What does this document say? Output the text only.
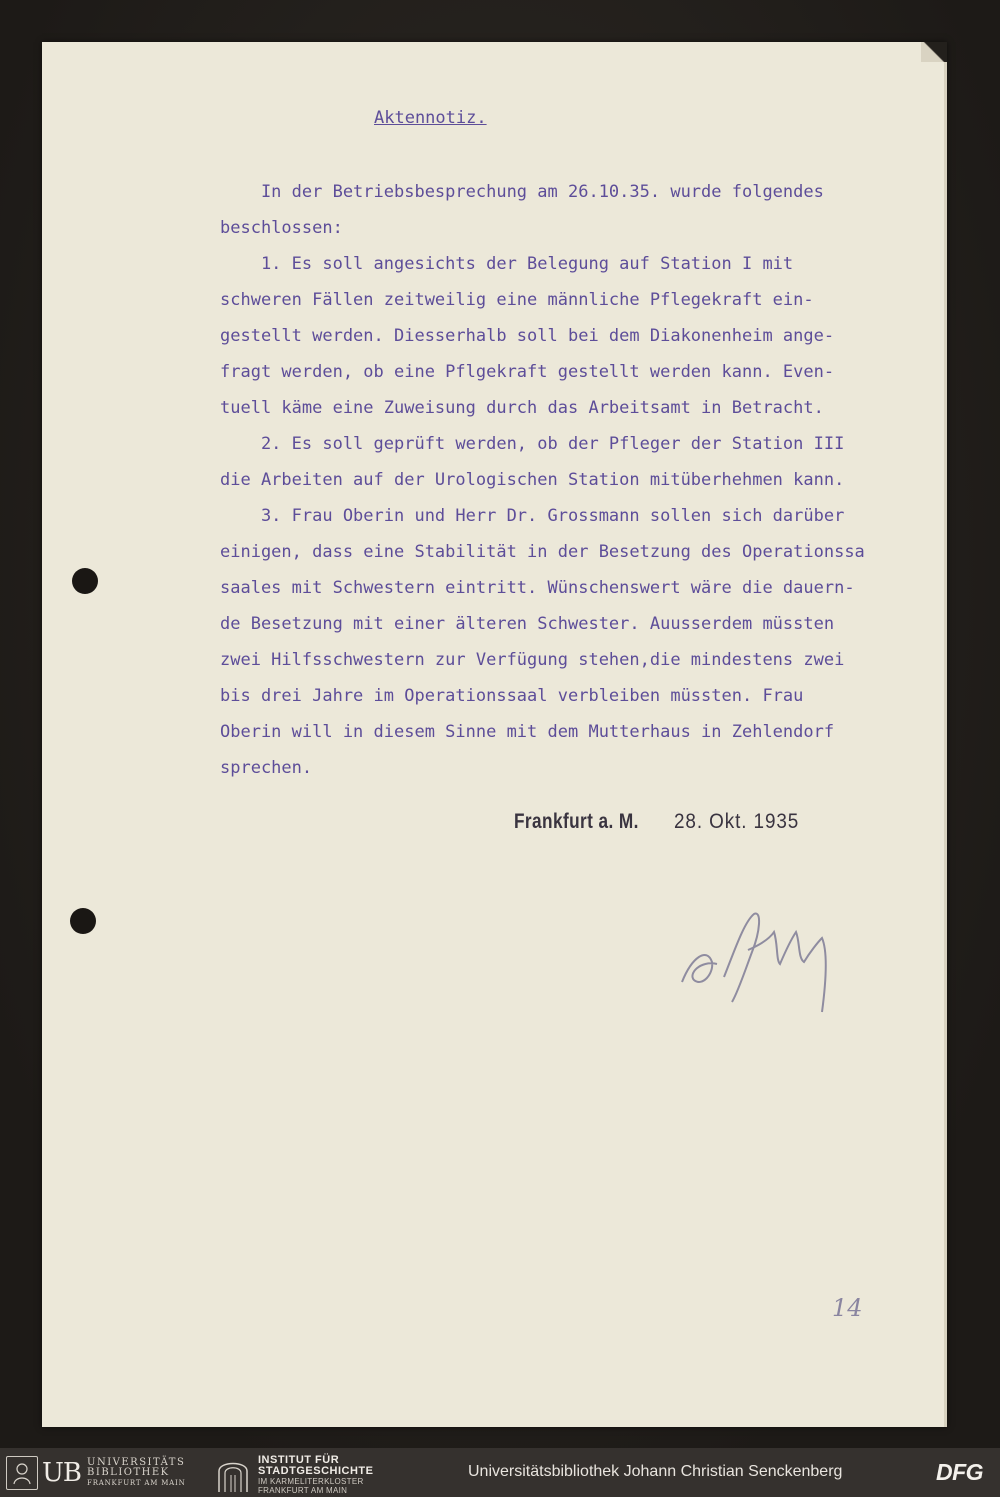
Aktennotiz.
In der Betriebsbesprechung am 26.10.35. wurde folgendes
beschlossen:
1. Es soll angesichts der Belegung auf Station I mit
schweren Fällen zeitweilig eine männliche Pflegekraft ein-
gestellt werden. Diesserhalb soll bei dem Diakonenheim ange-
fragt werden, ob eine Pflgekraft gestellt werden kann. Even-
tuell käme eine Zuweisung durch das Arbeitsamt in Betracht.
2. Es soll geprüft werden, ob der Pfleger der Station III
die Arbeiten auf der Urologischen Station mitüberhehmen kann.
3. Frau Oberin und Herr Dr. Grossmann sollen sich darüber
einigen, dass eine Stabilität in der Besetzung des Operationssa
saales mit Schwestern eintritt. Wünschenswert wäre die dauern-
de Besetzung mit einer älteren Schwester. Auusserdem müssten
zwei Hilfsschwestern zur Verfügung stehen,die mindestens zwei
bis drei Jahre im Operationssaal verbleiben müssten. Frau
Oberin will in diesem Sinne mit dem Mutterhaus in Zehlendorf
sprechen.
Frankfurt a. M. 28. Okt. 1935
14
UB UNIVERSITÄTS
BIBLIOTHEK
FRANKFURT AM MAIN
INSTITUT FÜR
STADTGESCHICHTE
IM KARMELITERKLOSTER
FRANKFURT AM MAIN
Universitätsbibliothek Johann Christian Senckenberg	DFG
